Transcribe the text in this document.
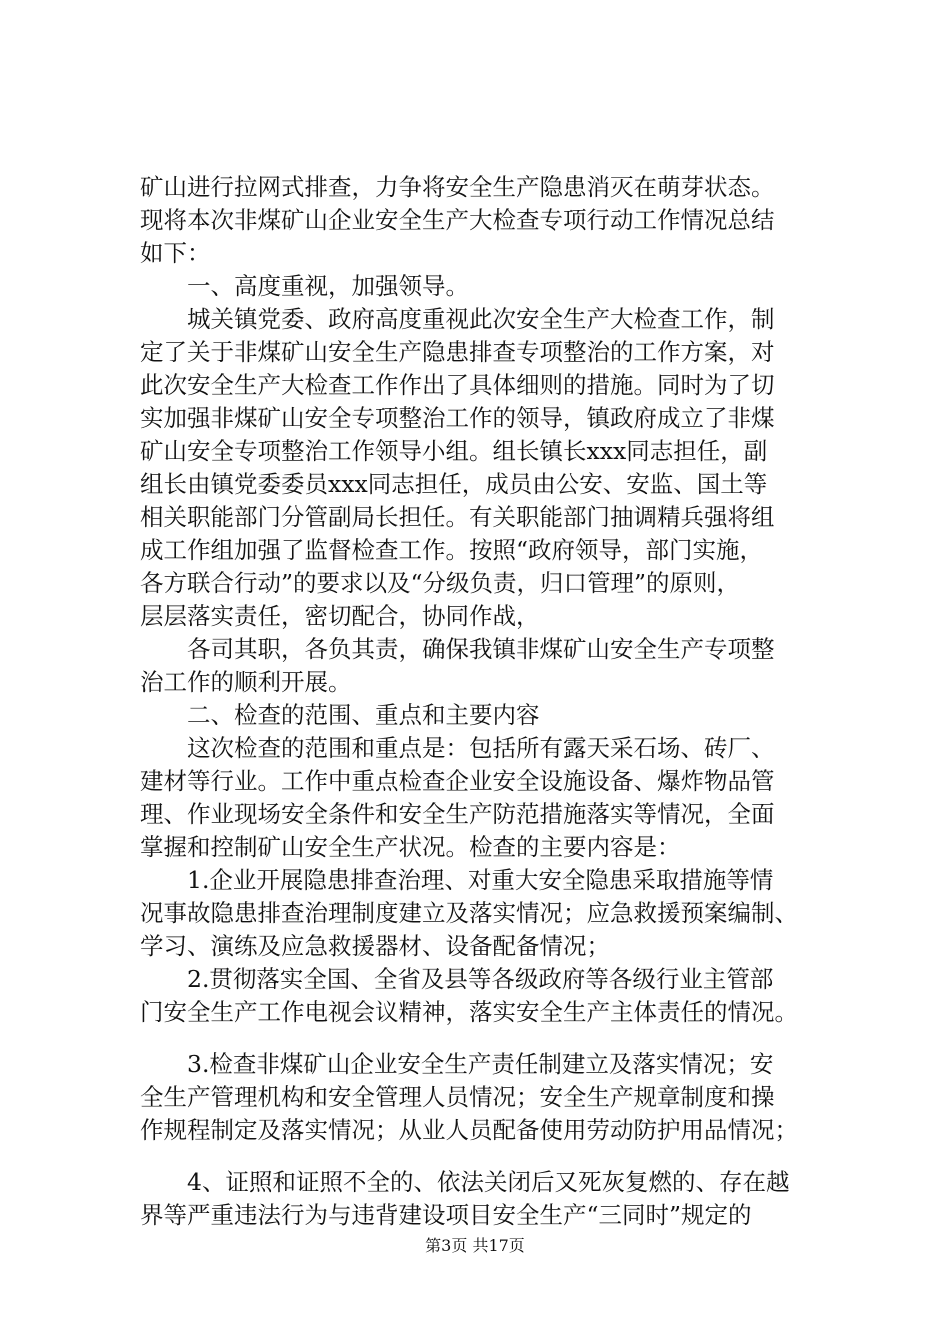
矿山进行拉网式排查，力争将安全生产隐患消灭在萌芽状态。
现将本次非煤矿山企业安全生产大检查专项行动工作情况总结
如下：
　　一、高度重视，加强领导。
　　城关镇党委、政府高度重视此次安全生产大检查工作，制
定了关于非煤矿山安全生产隐患排查专项整治的工作方案，对
此次安全生产大检查工作作出了具体细则的措施。同时为了切
实加强非煤矿山安全专项整治工作的领导，镇政府成立了非煤
矿山安全专项整治工作领导小组。组长镇长xxx同志担任，副
组长由镇党委委员xxx同志担任，成员由公安、安监、国土等
相关职能部门分管副局长担任。有关职能部门抽调精兵强将组
成工作组加强了监督检查工作。按照“政府领导，部门实施，
各方联合行动”的要求以及“分级负责，归口管理”的原则，
层层落实责任，密切配合，协同作战，
　　各司其职，各负其责，确保我镇非煤矿山安全生产专项整
治工作的顺利开展。
　　二、检查的范围、重点和主要内容
　　这次检查的范围和重点是：包括所有露天采石场、砖厂、
建材等行业。工作中重点检查企业安全设施设备、爆炸物品管
理、作业现场安全条件和安全生产防范措施落实等情况，全面
掌握和控制矿山安全生产状况。检查的主要内容是：
　　1.企业开展隐患排查治理、对重大安全隐患采取措施等情
况事故隐患排查治理制度建立及落实情况；应急救援预案编制、
学习、演练及应急救援器材、设备配备情况；
　　2.贯彻落实全国、全省及县等各级政府等各级行业主管部
门安全生产工作电视会议精神，落实安全生产主体责任的情况。
　　3.检查非煤矿山企业安全生产责任制建立及落实情况；安
全生产管理机构和安全管理人员情况；安全生产规章制度和操
作规程制定及落实情况；从业人员配备使用劳动防护用品情况；
　　4、证照和证照不全的、依法关闭后又死灰复燃的、存在越
界等严重违法行为与违背建设项目安全生产“三同时”规定的
第3页 共17页
